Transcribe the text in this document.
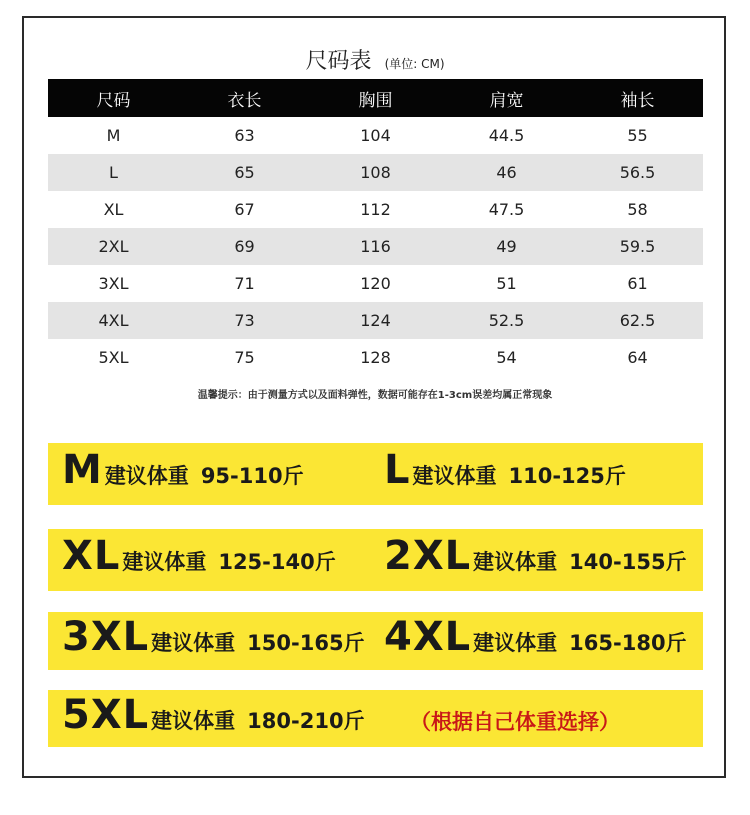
尺码表 (单位: CM)
尺码	衣长	胸围	肩宽	袖长
M	63	104	44.5	55
L	65	108	46	56.5
XL	67	112	47.5	58
2XL	69	116	49	59.5
3XL	71	120	51	61
4XL	73	124	52.5	62.5
5XL	75	128	54	64
温馨提示：由于测量方式以及面料弹性，数据可能存在1-3cm误差均属正常现象
M 建议体重 95-110斤 L 建议体重 110-125斤
XL 建议体重 125-140斤 2XL 建议体重 140-155斤
3XL 建议体重 150-165斤 4XL 建议体重 165-180斤
5XL 建议体重 180-210斤 （根据自己体重选择）
